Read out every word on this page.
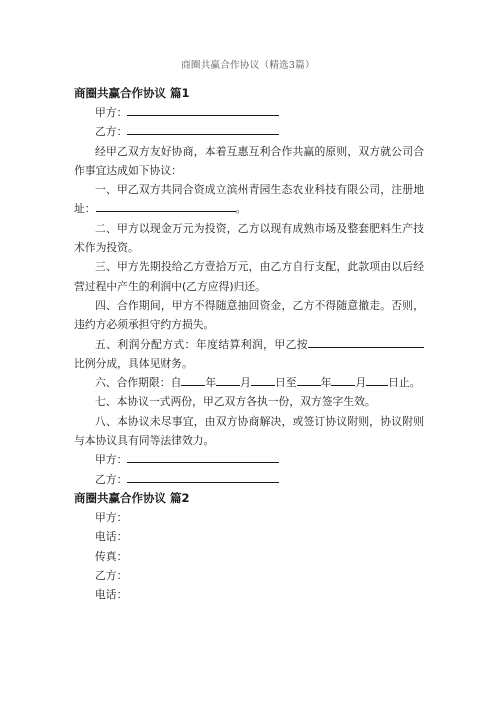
商圈共赢合作协议（精选3篇）
商圈共赢合作协议 篇1
甲方：
乙方：
经甲乙双方友好协商，本着互惠互利合作共赢的原则，双方就公司合作事宜达成如下协议：
一、甲乙双方共同合资成立滨州青园生态农业科技有限公司，注册地址：	。
二、甲方以现金万元为投资，乙方以现有成熟市场及整套肥料生产技术作为投资。
三、甲方先期投给乙方壹拾万元，由乙方自行支配，此款项由以后经营过程中产生的利润中(乙方应得)归还。
四、合作期间，甲方不得随意抽回资金，乙方不得随意撤走。否则，违约方必须承担守约方损失。
五、利润分配方式：年度结算利润，甲乙按比例分成，具体见财务。
六、合作期限：自 年 月 日至 年 月 日止。
七、本协议一式两份，甲乙双方各执一份，双方签字生效。
八、本协议未尽事宜，由双方协商解决，或签订协议附则，协议附则与本协议具有同等法律效力。
甲方：
乙方：
商圈共赢合作协议 篇2
甲方：
电话：
传真：
乙方：
电话：
